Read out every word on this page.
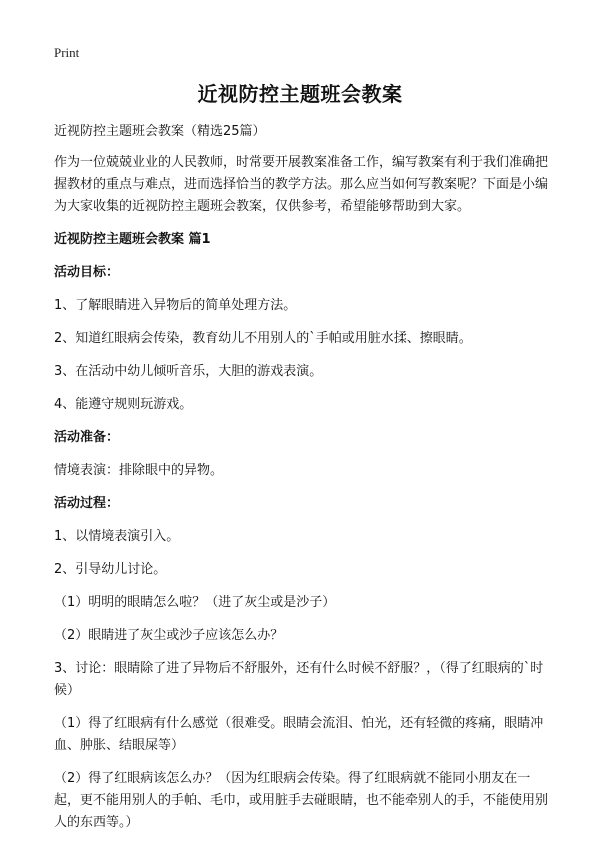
Print
近视防控主题班会教案

近视防控主题班会教案（精选25篇）

作为一位兢兢业业的人民教师，时常要开展教案准备工作，编写教案有利于我们准确把握教材的重点与难点，进而选择恰当的教学方法。那么应当如何写教案呢？下面是小编为大家收集的近视防控主题班会教案，仅供参考，希望能够帮助到大家。

近视防控主题班会教案 篇1

活动目标：

1、了解眼睛进入异物后的简单处理方法。

2、知道红眼病会传染，教育幼儿不用别人的`手帕或用脏水揉、擦眼睛。

3、在活动中幼儿倾听音乐，大胆的游戏表演。

4、能遵守规则玩游戏。

活动准备：

情境表演：排除眼中的异物。

活动过程：

1、以情境表演引入。

2、引导幼儿讨论。

（1）明明的眼睛怎么啦？（进了灰尘或是沙子）

（2）眼睛进了灰尘或沙子应该怎么办？

3、讨论：眼睛除了进了异物后不舒服外，还有什么时候不舒服？，（得了红眼病的`时候）

（1）得了红眼病有什么感觉（很难受。眼睛会流泪、怕光，还有轻微的疼痛，眼睛冲血、肿胀、结眼屎等）

（2）得了红眼病该怎么办？（因为红眼病会传染。得了红眼病就不能同小朋友在一起，更不能用别人的手帕、毛巾，或用脏手去碰眼睛，也不能牵别人的手，不能使用别人的东西等。）
